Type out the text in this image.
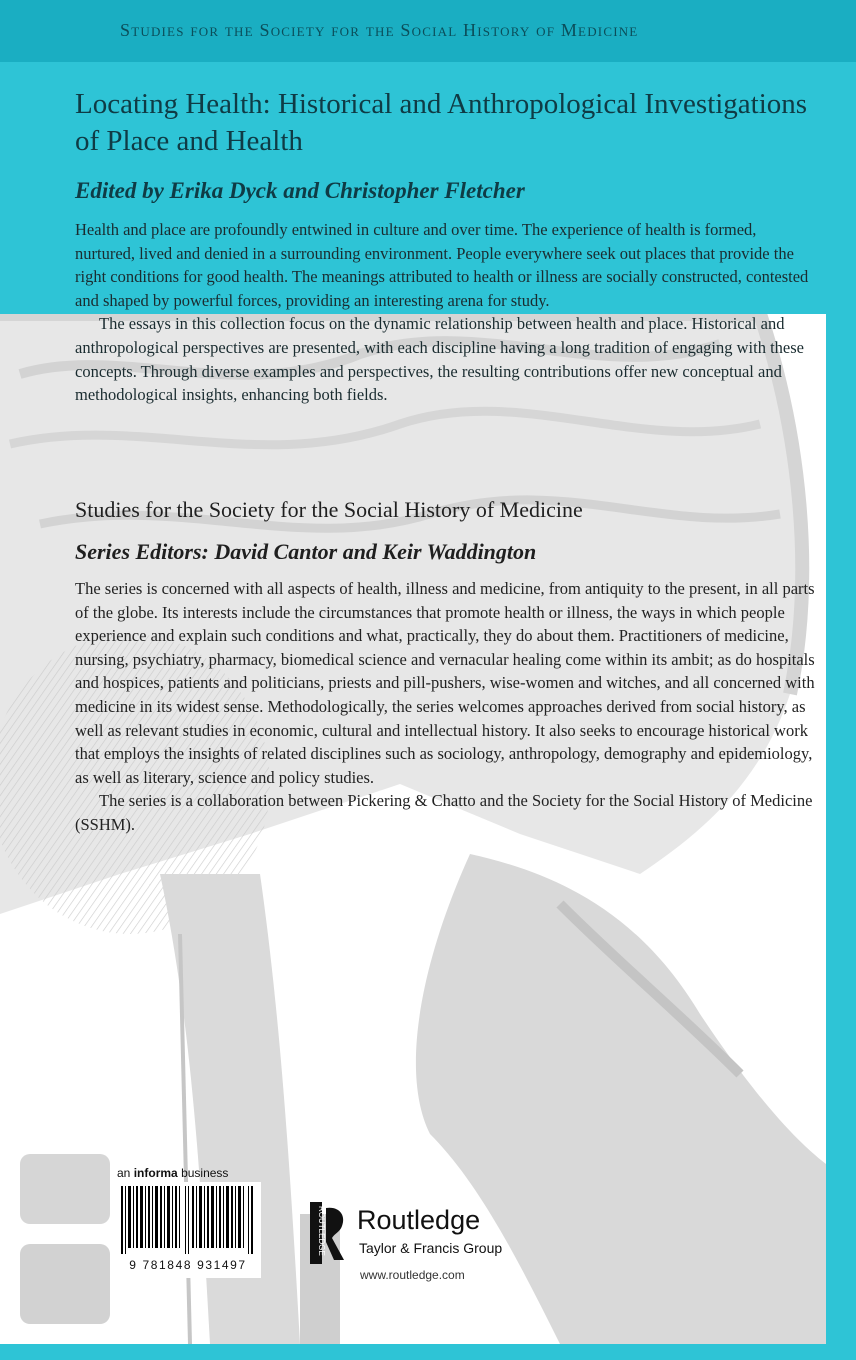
Studies for the Society for the Social History of Medicine

Locating Health: Historical and Anthropological Investigations of Place and Health
Edited by Erika Dyck and Christopher Fletcher

Health and place are profoundly entwined in culture and over time. The experience of health is formed, nurtured, lived and denied in a surrounding environment. People everywhere seek out places that provide the right conditions for good health. The meanings attributed to health or illness are socially constructed, contested and shaped by powerful forces, providing an interesting arena for study.

The essays in this collection focus on the dynamic relationship between health and place. Historical and anthropological perspectives are presented, with each discipline having a long tradition of engaging with these concepts. Through diverse examples and perspectives, the resulting contributions offer new conceptual and methodological insights, enhancing both fields.

Studies for the Society for the Social History of Medicine
Series Editors: David Cantor and Keir Waddington

The series is concerned with all aspects of health, illness and medicine, from antiquity to the present, in all parts of the globe. Its interests include the circumstances that promote health or illness, the ways in which people experience and explain such conditions and what, practically, they do about them. Practitioners of medicine, nursing, psychiatry, pharmacy, biomedical science and vernacular healing come within its ambit; as do hospitals and hospices, patients and politicians, priests and pill-pushers, wise-women and witches, and all concerned with medicine in its widest sense. Methodologically, the series welcomes approaches derived from social history, as well as relevant studies in economic, cultural and intellectual history. It also seeks to encourage historical work that employs the insights of related disciplines such as sociology, anthropology, demography and epidemiology, as well as literary, science and policy studies.

The series is a collaboration between Pickering & Chatto and the Society for the Social History of Medicine (SSHM).

an informa business

9 781848 931497

ROUTLEDGE Routledge

Taylor & Francis Group

www.routledge.com
